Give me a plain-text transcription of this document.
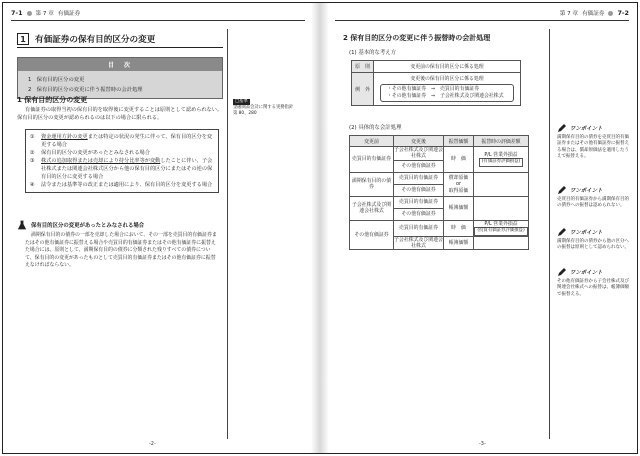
7-1 第 7 章 有価証券
1	有価証券の保有目的区分の変更
目　次
1　保有目的区分の変更
2　保有目的区分の変更に伴う振替時の会計処理
1 保有目的区分の変更
有価証券の取得当初の保有目的を取得後に変更することは原則として認められない。保有目的区分の変更が認められるのは以下の場合に限られる。
①	資金運用方針の変更または特定の状況の発生に伴って、保有目的区分を変更する場合
②	保有目的区分の変更があったとみなされる場合
③	株式の追加取得または売却により持分比率等が変動したことに伴い、子会社株式または関連会社株式区分から他の保有目的区分にまたはその逆の保有目的区分に変更する場合
④	法令または基準等の改正または適用により、保有目的区分を変更する場合
保有目的区分の変更があったとみなされる場合
満期保有目的の債券の一部を売却した場合において、その一部を売買目的有価証券またはその他有価証券に振替える場合や売買目的有価証券またはその他有価証券に振替えた場合には、原則として、満期保有目的の債券に分類された残りすべての債券について、保有目的の変更があったものとして売買目的有価証券またはその他有価証券に振替えなければならない。
□基準
金融商品会計に関する実務指針
第 80、280
-2-
第 7 章 有価証券 7-2
2 保有目的区分の変更に伴う振替時の会計処理
(1) 基本的な考え方
原　則	変更前の保有目的区分に係る処理
例　外	変更後の保有目的区分に係る処理
・その他有価証券　⇒　売買目的有価証券
・その他有価証券　⇒　子会社株式及び関連会社株式
(2) 具体的な会計処理
変更前	変更後	振替価額	振替時の評価差額
売買目的有価証券	子会社株式及び関連会社株式	時　価	P/L 営業外損益
(有価証券評価損益)
	その他有価証券		
満期保有目的の債券	売買目的有価証券	償却原価
or
取得原価	

	その他有価証券		
子会社株式及び関連会社株式	売買目的有価証券	帳簿価額	
	その他有価証券		
その他有価証券	売買目的有価証券	時　価	P/L 営業外損益
(投資有価証券評価損益)
	子会社株式及び関連会社株式	帳簿価額	
ワンポイント
満期保有目的の債券を売買目的有価証券またはその他有価証券に振替える場合は、償却原価法を適用したうえで振替える。
ワンポイント
売買目的有価証券から満期保有目的の債券への振替は認められない。
ワンポイント
満期保有目的の債券から他の区分への振替は原則として認められない。
ワンポイント
その他有価証券から子会社株式及び関連会社株式への振替は、帳簿価額で振替える。
-3-
